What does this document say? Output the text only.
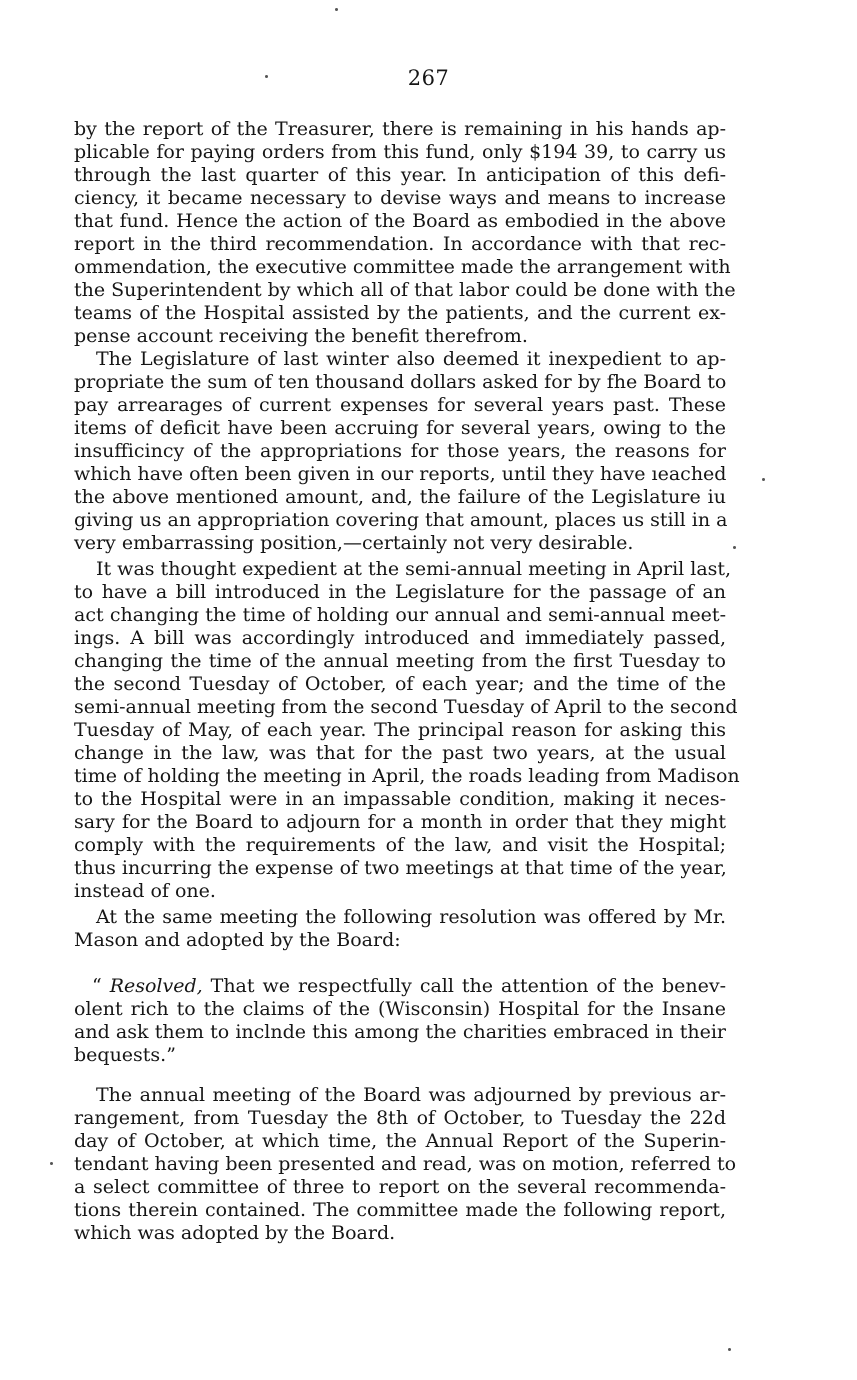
267

by the report of the Treasurer, there is remaining in his hands ap-

plicable for paying orders from this fund, only $194 39, to carry us

through the last quarter of this year. In anticipation of this defi-

ciency, it became necessary to devise ways and means to increase

that fund. Hence the action of the Board as embodied in the above

report in the third recommendation. In accordance with that rec-

ommendation, the executive committee made the arrangement with

the Superintendent by which all of that labor could be done with the

teams of the Hospital assisted by the patients, and the current ex-

pense account receiving the benefit therefrom.

The Legislature of last winter also deemed it inexpedient to ap-

propriate the sum of ten thousand dollars asked for by fhe Board to

pay arrearages of current expenses for several years past. These

items of deficit have been accruing for several years, owing to the

insufficincy of the appropriations for those years, the reasons for

which have often been given in our reports, until they have ıeached

the above mentioned amount, and, the failure of the Legislature iu

giving us an appropriation covering that amount, places us still in a

very embarrassing position,—certainly not very desirable.

It was thought expedient at the semi-annual meeting in April last,

to have a bill introduced in the Legislature for the passage of an

act changing the time of holding our annual and semi-annual meet-

ings. A bill was accordingly introduced and immediately passed,

changing the time of the annual meeting from the first Tuesday to

the second Tuesday of October, of each year; and the time of the

semi-annual meeting from the second Tuesday of April to the second

Tuesday of May, of each year. The principal reason for asking this

change in the law, was that for the past two years, at the usual

time of holding the meeting in April, the roads leading from Madison

to the Hospital were in an impassable condition, making it neces-

sary for the Board to adjourn for a month in order that they might

comply with the requirements of the law, and visit the Hospital;

thus incurring the expense of two meetings at that time of the year,

instead of one.

At the same meeting the following resolution was offered by Mr.

Mason and adopted by the Board:

“ Resolved, That we respectfully call the attention of the benev-

olent rich to the claims of the (Wisconsin) Hospital for the Insane

and ask them to inclnde this among the charities embraced in their

bequests.”

The annual meeting of the Board was adjourned by previous ar-

rangement, from Tuesday the 8th of October, to Tuesday the 22d

day of October, at which time, the Annual Report of the Superin-

tendant having been presented and read, was on motion, referred to

a select committee of three to report on the several recommenda-

tions therein contained. The committee made the following report,

which was adopted by the Board.
